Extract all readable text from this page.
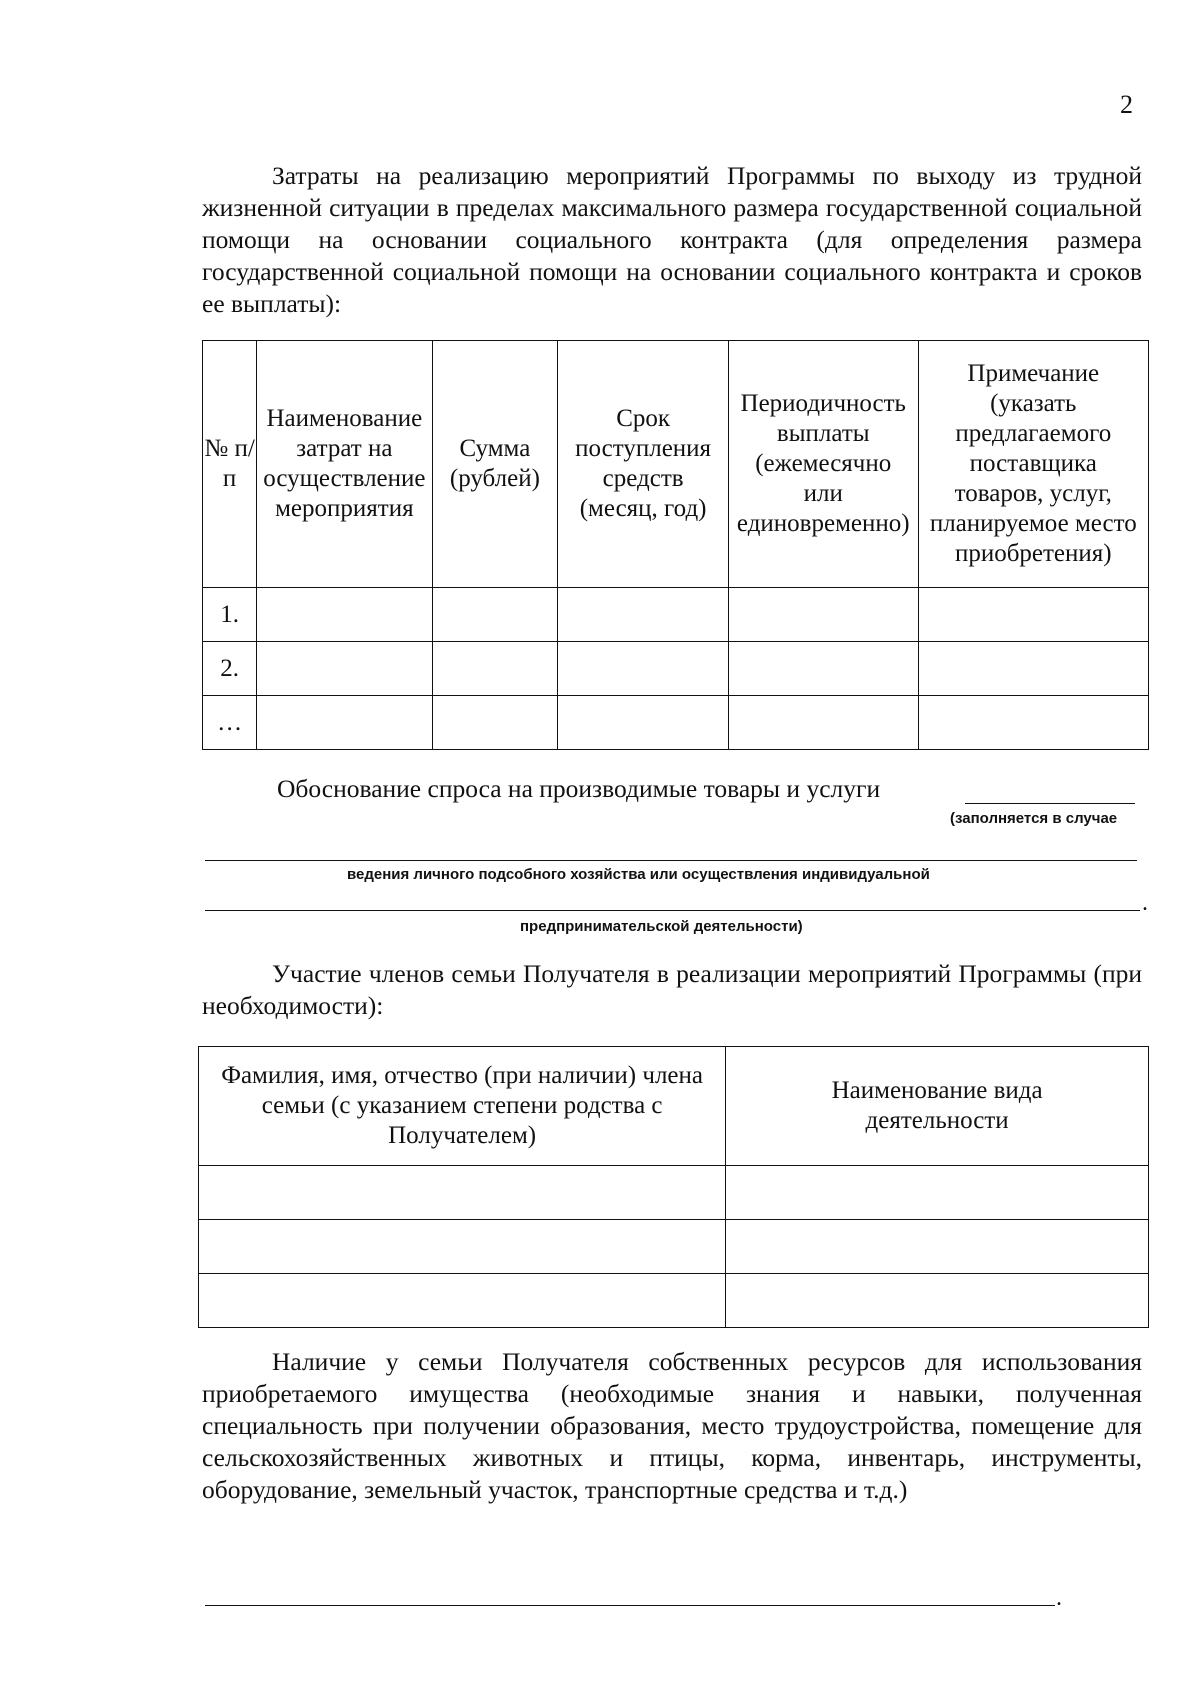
2

Затраты на реализацию мероприятий Программы по выходу из трудной жизненной ситуации в пределах максимального размера государственной социальной помощи на основании социального контракта (для определения размера государственной социальной помощи на основании социального контракта и сроков ее выплаты):

№ п/п	Наименование затрат на осуществление мероприятия	Сумма (рублей)	Срок поступления средств (месяц, год)	Периодичность выплаты (ежемесячно или единовременно)	Примечание (указать предлагаемого поставщика товаров, услуг, планируемое место приобретения)
1.					
2.					
…					
Обоснование спроса на производимые товары и услуги
(заполняется в случае
ведения личного подсобного хозяйства или осуществления индивидуальной
.
предпринимательской деятельности)

Участие членов семьи Получателя в реализации мероприятий Программы (при необходимости):

Фамилия, имя, отчество (при наличии) члена семьи (с указанием степени родства с Получателем)	Наименование вида деятельности

Наличие у семьи Получателя собственных ресурсов для использования приобретаемого имущества (необходимые знания и навыки, полученная специальность при получении образования, место трудоустройства, помещение для сельскохозяйственных животных и птицы, корма, инвентарь, инструменты, оборудование, земельный участок, транспортные средства и т.д.)

.
